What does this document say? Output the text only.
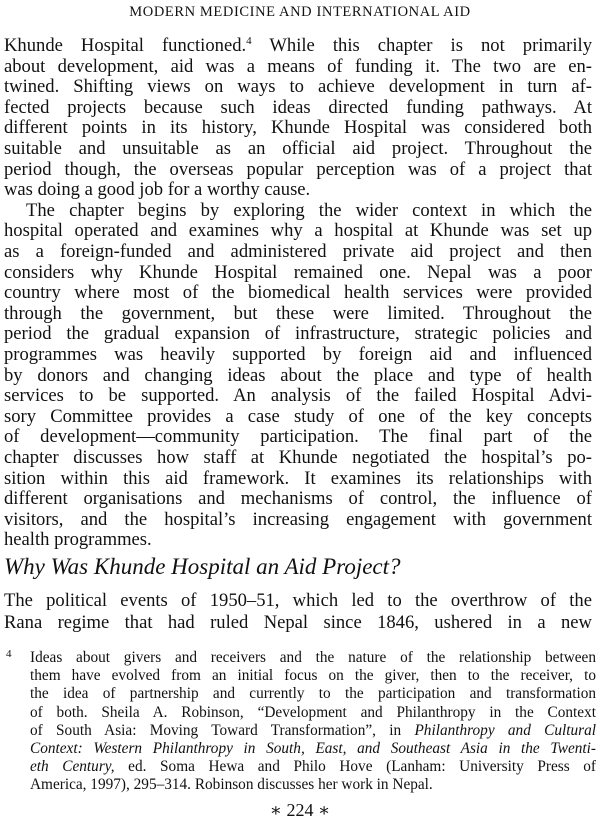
MODERN MEDICINE AND INTERNATIONAL AID
Khunde Hospital functioned.$^4$ While this chapter is not primarily
about development, aid was a means of funding it. The two are en-
twined. Shifting views on ways to achieve development in turn af-
fected projects because such ideas directed funding pathways. At
different points in its history, Khunde Hospital was considered both
suitable and unsuitable as an official aid project. Throughout the
period though, the overseas popular perception was of a project that
was doing a good job for a worthy cause.
The chapter begins by exploring the wider context in which the
hospital operated and examines why a hospital at Khunde was set up
as a foreign-funded and administered private aid project and then
considers why Khunde Hospital remained one. Nepal was a poor
country where most of the biomedical health services were provided
through the government, but these were limited. Throughout the
period the gradual expansion of infrastructure, strategic policies and
programmes was heavily supported by foreign aid and influenced
by donors and changing ideas about the place and type of health
services to be supported. An analysis of the failed Hospital Advi-
sory Committee provides a case study of one of the key concepts
of development—community participation. The final part of the
chapter discusses how staff at Khunde negotiated the hospital’s po-
sition within this aid framework. It examines its relationships with
different organisations and mechanisms of control, the influence of
visitors, and the hospital’s increasing engagement with government
health programmes.
Why Was Khunde Hospital an Aid Project?
The political events of 1950–51, which led to the overthrow of the
Rana regime that had ruled Nepal since 1846, ushered in a new
4 Ideas about givers and receivers and the nature of the relationship between
them have evolved from an initial focus on the giver, then to the receiver, to
the idea of partnership and currently to the participation and transformation
of both. Sheila A. Robinson, “Development and Philanthropy in the Context
of South Asia: Moving Toward Transformation”, in Philanthropy and Cultural
Context: Western Philanthropy in South, East, and Southeast Asia in the Twenti-
eth Century, ed. Soma Hewa and Philo Hove (Lanham: University Press of
America, 1997), 295–314. Robinson discusses her work in Nepal.
∗ 224 ∗
